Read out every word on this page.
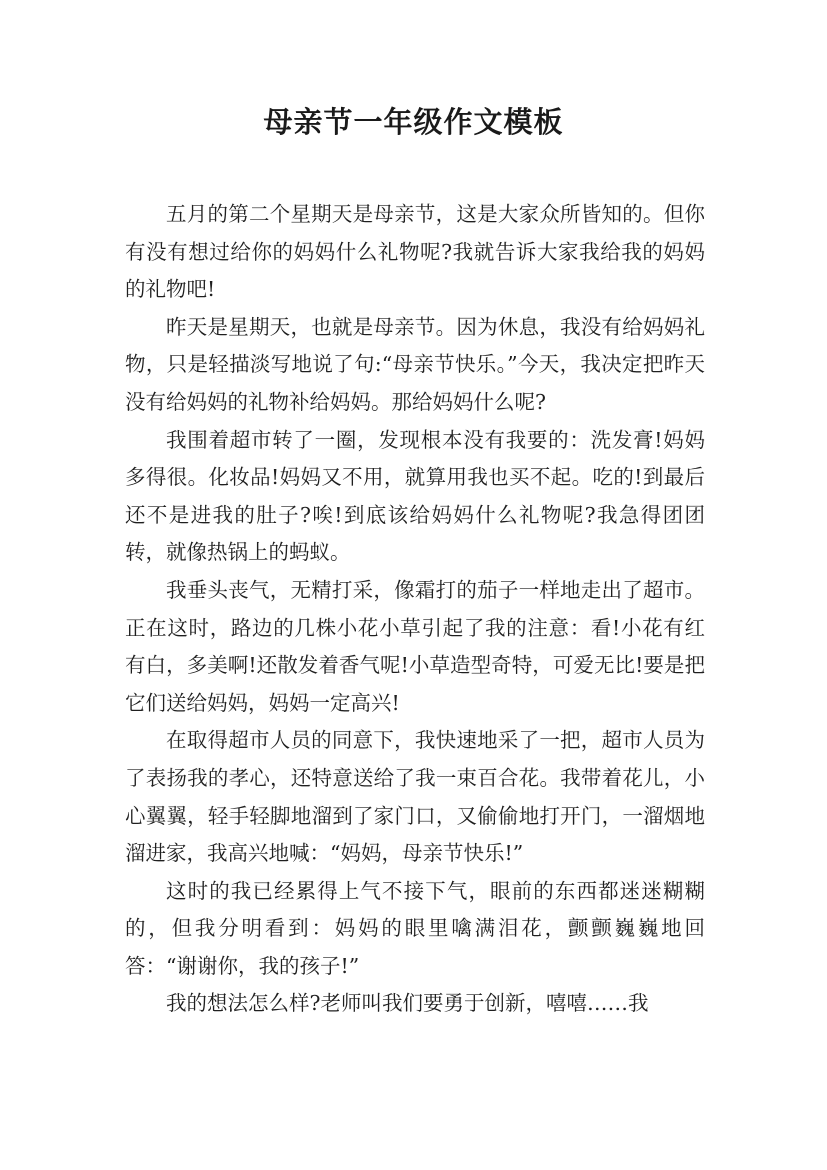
母亲节一年级作文模板

五月的第二个星期天是母亲节，这是大家众所皆知的。但你有没有想过给你的妈妈什么礼物呢?我就告诉大家我给我的妈妈的礼物吧!

昨天是星期天，也就是母亲节。因为休息，我没有给妈妈礼物，只是轻描淡写地说了句:“母亲节快乐。”今天，我决定把昨天没有给妈妈的礼物补给妈妈。那给妈妈什么呢?

我围着超市转了一圈，发现根本没有我要的：洗发膏!妈妈多得很。化妆品!妈妈又不用，就算用我也买不起。吃的!到最后还不是进我的肚子?唉!到底该给妈妈什么礼物呢?我急得团团转，就像热锅上的蚂蚁。

我垂头丧气，无精打采，像霜打的茄子一样地走出了超市。正在这时，路边的几株小花小草引起了我的注意：看!小花有红有白，多美啊!还散发着香气呢!小草造型奇特，可爱无比!要是把它们送给妈妈，妈妈一定高兴!

在取得超市人员的同意下，我快速地采了一把，超市人员为了表扬我的孝心，还特意送给了我一束百合花。我带着花儿，小心翼翼，轻手轻脚地溜到了家门口，又偷偷地打开门，一溜烟地溜进家，我高兴地喊：“妈妈，母亲节快乐!”

这时的我已经累得上气不接下气，眼前的东西都迷迷糊糊的，但我分明看到：妈妈的眼里噙满泪花，颤颤巍巍地回答：“谢谢你，我的孩子!”

我的想法怎么样?老师叫我们要勇于创新，嘻嘻……我
